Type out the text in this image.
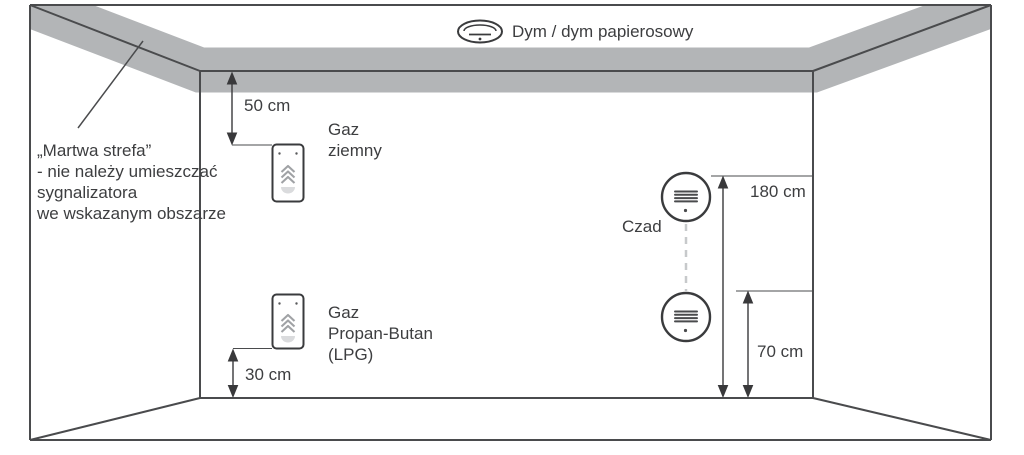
„Martwa strefa”
- nie należy umieszczać
sygnalizatora
we wskazanym obszarze
Dym / dym papierosowy
50 cm
Gaz
ziemny
Gaz
Propan-Butan
(LPG)
30 cm
Czad
180 cm
70 cm
